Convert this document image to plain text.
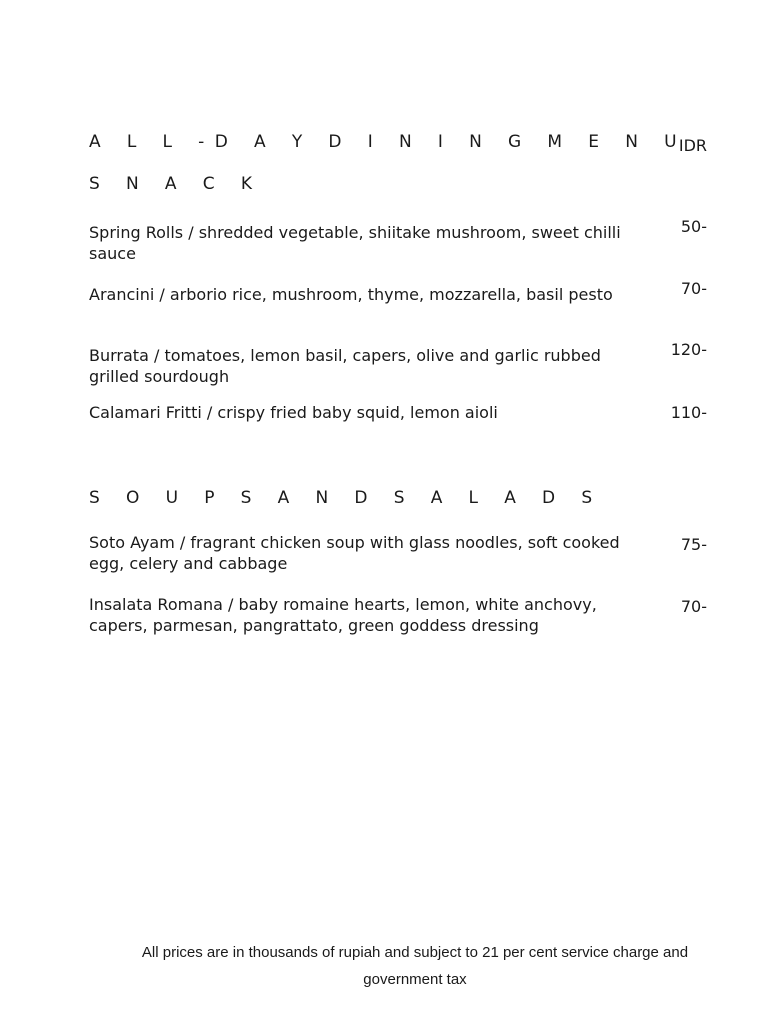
A L L -D A Y D I N I N G M E N U
IDR
S N A C K
Spring Rolls / shredded vegetable, shiitake mushroom, sweet chilli sauce
50-
Arancini / arborio rice, mushroom, thyme, mozzarella, basil pesto	70-
Burrata / tomatoes, lemon basil, capers, olive and garlic rubbed grilled sourdough
120-
Calamari Fritti / crispy fried baby squid, lemon aioli	110-
S O U P S A N D S A L A D S
Soto Ayam / fragrant chicken soup with glass noodles, soft cooked egg, celery and cabbage
75-
Insalata Romana / baby romaine hearts, lemon, white anchovy, capers, parmesan, pangrattato, green goddess dressing
70-
All prices are in thousands of rupiah and subject to 21 per cent service charge and government tax
